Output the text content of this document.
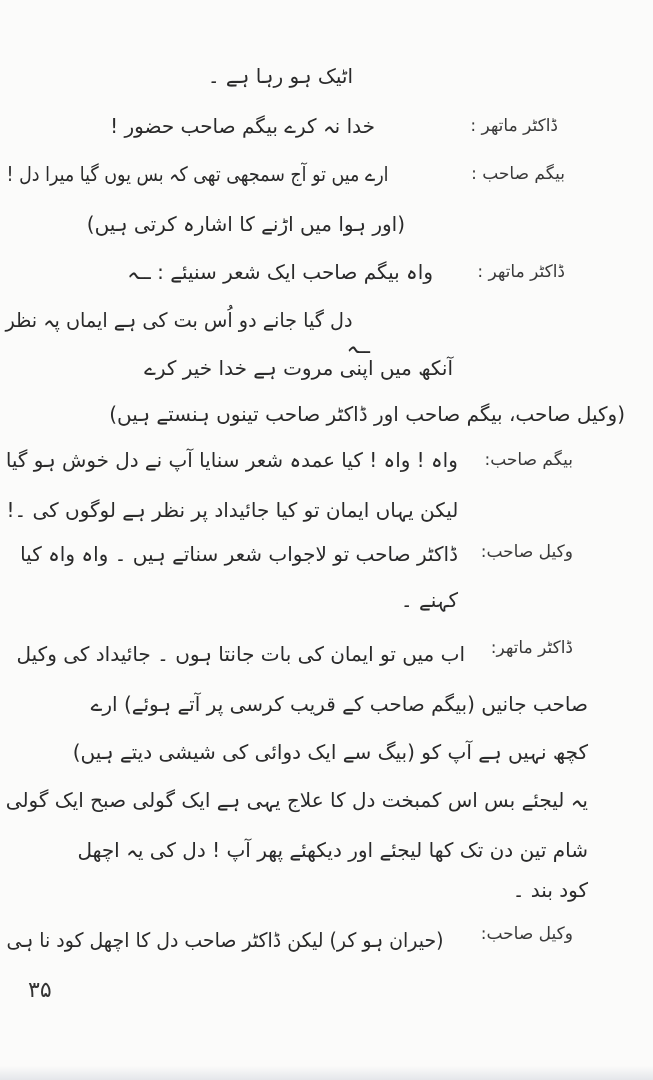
اٹیک ہو رہا ہے ۔
ڈاکٹر ماتھر :
خدا نہ کرے بیگم صاحب حضور !
بیگم صاحب :
ارے میں تو آج سمجھی تھی کہ بس یوں گیا میرا دل !
(اور ہوا میں اڑنے کا اشارہ کرتی ہیں)
ڈاکٹر ماتھر :
واہ بیگم صاحب ایک شعر سنیئے : ــہ
دل گیا جانے دو اُس بت کی ہے ایماں پہ نظر
ــہ
آنکھ میں اپنی مروت ہے خدا خیر کرے
(وکیل صاحب، بیگم صاحب اور ڈاکٹر صاحب تینوں ہنستے ہیں)
بیگم صاحب:
واہ ! واہ ! کیا عمدہ شعر سنایا آپ نے دل خوش ہو گیا
لیکن یہاں ایمان تو کیا جائیداد پر نظر ہے لوگوں کی ۔!
وکیل صاحب:
ڈاکٹر صاحب تو لاجواب شعر سناتے ہیں ۔ واہ واہ کیا
کہنے ۔
ڈاکٹر ماتھر:
اب میں تو ایمان کی بات جانتا ہوں ۔ جائیداد کی وکیل
صاحب جانیں (بیگم صاحب کے قریب کرسی پر آتے ہوئے) ارے
کچھ نہیں ہے آپ کو (بیگ سے ایک دوائی کی شیشی دیتے ہیں)
یہ لیجئے بس اس کمبخت دل کا علاج یہی ہے ایک گولی صبح ایک گولی
شام تین دن تک کھا لیجئے اور دیکھئے پھر آپ ! دل کی یہ اچھل
کود بند ۔
وکیل صاحب:
(حیران ہو کر) لیکن ڈاکٹر صاحب دل کا اچھل کود نا ہی
۳۵
